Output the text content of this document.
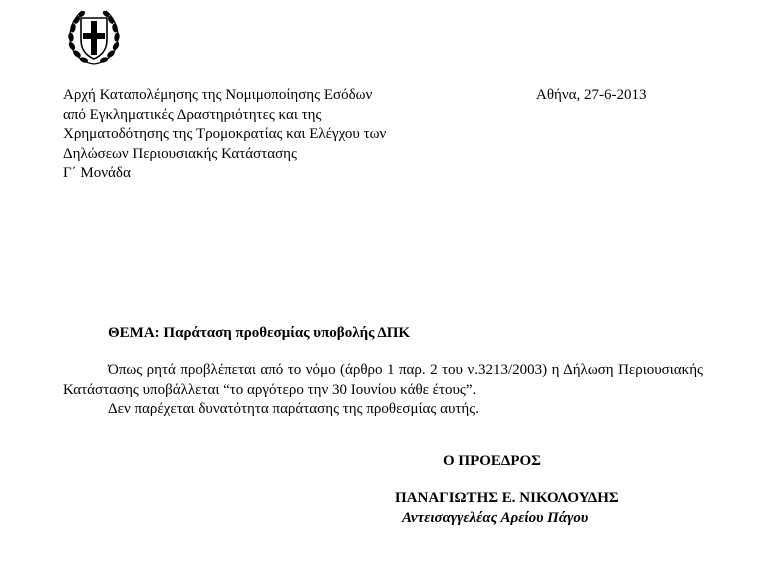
Αρχή Καταπολέμησης της Νομιμοποίησης Εσόδων
από Εγκληματικές Δραστηριότητες και της
Χρηματοδότησης της Τρομοκρατίας και Ελέγχου των
Δηλώσεων Περιουσιακής Κατάστασης
Γ΄ Μονάδα
Αθήνα, 27-6-2013
ΘΕΜΑ: Παράταση προθεσμίας υποβολής ΔΠΚ

Όπως ρητά προβλέπεται από το νόμο (άρθρο 1 παρ. 2 του ν.3213/2003) η Δήλωση Περιουσιακής Κατάστασης υποβάλλεται “το αργότερο την 30 Ιουνίου κάθε έτους”.

Δεν παρέχεται δυνατότητα παράτασης της προθεσμίας αυτής.

Ο ΠΡΟΕΔΡΟΣ
ΠΑΝΑΓΙΩΤΗΣ Ε. ΝΙΚΟΛΟΥΔΗΣ
Αντεισαγγελέας Αρείου Πάγου
